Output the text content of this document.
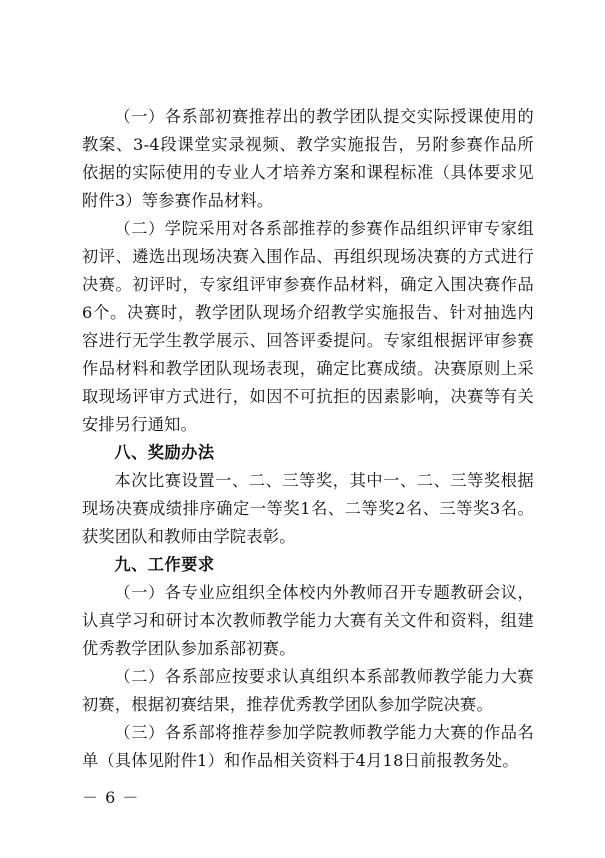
（一）各系部初赛推荐出的教学团队提交实际授课使用的教案、3-4段课堂实录视频、教学实施报告，另附参赛作品所依据的实际使用的专业人才培养方案和课程标准（具体要求见附件3）等参赛作品材料。

（二）学院采用对各系部推荐的参赛作品组织评审专家组初评、遴选出现场决赛入围作品、再组织现场决赛的方式进行决赛。初评时，专家组评审参赛作品材料，确定入围决赛作品6个。决赛时，教学团队现场介绍教学实施报告、针对抽选内容进行无学生教学展示、回答评委提问。专家组根据评审参赛作品材料和教学团队现场表现，确定比赛成绩。决赛原则上采取现场评审方式进行，如因不可抗拒的因素影响，决赛等有关安排另行通知。

八、奖励办法

本次比赛设置一、二、三等奖，其中一、二、三等奖根据现场决赛成绩排序确定一等奖1名、二等奖2名、三等奖3名。获奖团队和教师由学院表彰。

九、工作要求

（一）各专业应组织全体校内外教师召开专题教研会议，认真学习和研讨本次教师教学能力大赛有关文件和资料，组建优秀教学团队参加系部初赛。

（二）各系部应按要求认真组织本系部教师教学能力大赛初赛，根据初赛结果，推荐优秀教学团队参加学院决赛。

（三）各系部将推荐参加学院教师教学能力大赛的作品名单（具体见附件1）和作品相关资料于4月18日前报教务处。

－ 6 －
